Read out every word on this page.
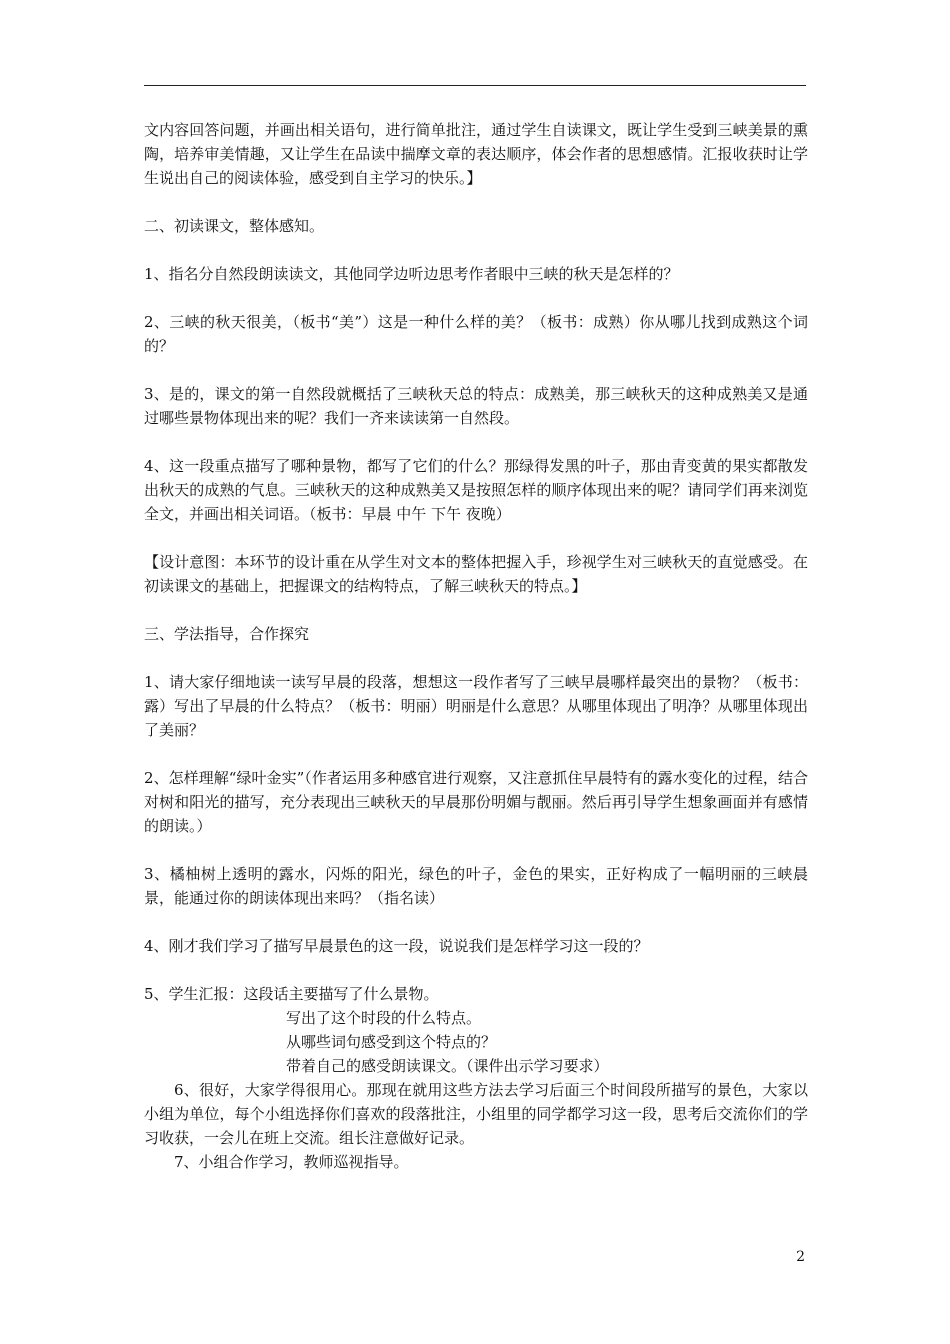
文内容回答问题，并画出相关语句，进行简单批注，通过学生自读课文，既让学生受到三峡美景的熏陶，培养审美情趣，又让学生在品读中揣摩文章的表达顺序，体会作者的思想感情。汇报收获时让学生说出自己的阅读体验，感受到自主学习的快乐。】

二、初读课文，整体感知。

1、指名分自然段朗读读文，其他同学边听边思考作者眼中三峡的秋天是怎样的？

2、三峡的秋天很美，（板书“美”）这是一种什么样的美？（板书：成熟）你从哪儿找到成熟这个词的？

3、是的，课文的第一自然段就概括了三峡秋天总的特点：成熟美，那三峡秋天的这种成熟美又是通过哪些景物体现出来的呢？我们一齐来读读第一自然段。

4、这一段重点描写了哪种景物，都写了它们的什么？那绿得发黑的叶子，那由青变黄的果实都散发出秋天的成熟的气息。三峡秋天的这种成熟美又是按照怎样的顺序体现出来的呢？请同学们再来浏览全文，并画出相关词语。（板书：早晨 中午 下午 夜晚）

【设计意图：本环节的设计重在从学生对文本的整体把握入手，珍视学生对三峡秋天的直觉感受。在初读课文的基础上，把握课文的结构特点，了解三峡秋天的特点。】

三、学法指导，合作探究

1、请大家仔细地读一读写早晨的段落，想想这一段作者写了三峡早晨哪样最突出的景物？（板书：露）写出了早晨的什么特点？（板书：明丽）明丽是什么意思？从哪里体现出了明净？从哪里体现出了美丽？

2、怎样理解“绿叶金实”（作者运用多种感官进行观察，又注意抓住早晨特有的露水变化的过程，结合对树和阳光的描写，充分表现出三峡秋天的早晨那份明媚与靓丽。然后再引导学生想象画面并有感情的朗读。）

3、橘柚树上透明的露水，闪烁的阳光，绿色的叶子，金色的果实，正好构成了一幅明丽的三峡晨景，能通过你的朗读体现出来吗？（指名读）

4、刚才我们学习了描写早晨景色的这一段，说说我们是怎样学习这一段的？

5、学生汇报：这段话主要描写了什么景物。

写出了这个时段的什么特点。

从哪些词句感受到这个特点的？

带着自己的感受朗读课文。（课件出示学习要求）

6、很好，大家学得很用心。那现在就用这些方法去学习后面三个时间段所描写的景色，大家以小组为单位，每个小组选择你们喜欢的段落批注，小组里的同学都学习这一段，思考后交流你们的学习收获，一会儿在班上交流。组长注意做好记录。

7、小组合作学习，教师巡视指导。

2
